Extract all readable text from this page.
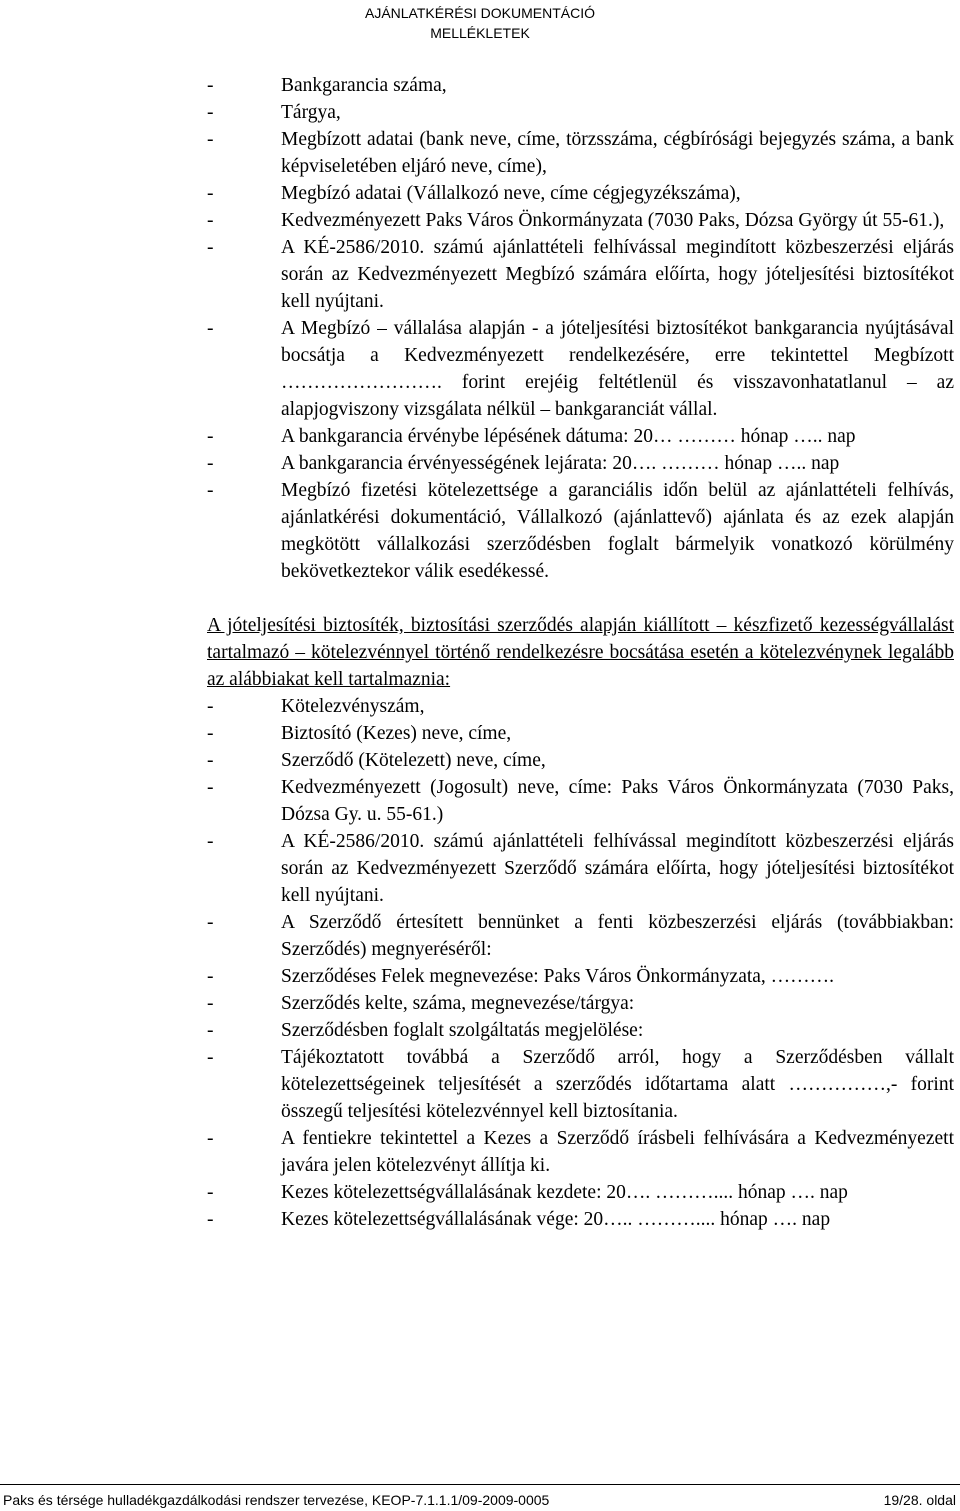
AJÁNLATKÉRÉSI DOKUMENTÁCIÓ
MELLÉKLETEK
-	Bankgarancia száma,
-	Tárgya,
-	Megbízott adatai (bank neve, címe, törzsszáma, cégbírósági bejegyzés száma, a bank képviseletében eljáró neve, címe),
-	Megbízó adatai (Vállalkozó neve, címe cégjegyzékszáma),
-	Kedvezményezett Paks Város Önkormányzata (7030 Paks, Dózsa György út 55-61.),
-	A KÉ-2586/2010. számú ajánlattételi felhívással megindított közbeszerzési eljárás során az Kedvezményezett Megbízó számára előírta, hogy jóteljesítési biztosítékot kell nyújtani.
-	A Megbízó – vállalása alapján - a jóteljesítési biztosítékot bankgarancia nyújtásával bocsátja a Kedvezményezett rendelkezésére, erre tekintettel Megbízott ……………………. forint erejéig feltétlenül és visszavonhatatlanul – az alapjogviszony vizsgálata nélkül – bankgaranciát vállal.
-	A bankgarancia érvénybe lépésének dátuma: 20… ……… hónap ….. nap
-	A bankgarancia érvényességének lejárata: 20…. ……… hónap ….. nap
-	Megbízó fizetési kötelezettsége a garanciális időn belül az ajánlattételi felhívás, ajánlatkérési dokumentáció, Vállalkozó (ajánlattevő) ajánlata és az ezek alapján megkötött vállalkozási szerződésben foglalt bármelyik vonatkozó körülmény bekövetkeztekor válik esedékessé.
A jóteljesítési biztosíték, biztosítási szerződés alapján kiállított – készfizető kezességvállalást tartalmazó – kötelezvénnyel történő rendelkezésre bocsátása esetén a kötelezvénynek legalább az alábbiakat kell tartalmaznia:
-	Kötelezvényszám,
-	Biztosító (Kezes) neve, címe,
-	Szerződő (Kötelezett) neve, címe,
-	Kedvezményezett (Jogosult) neve, címe: Paks Város Önkormányzata (7030 Paks, Dózsa Gy. u. 55-61.)
-	A KÉ-2586/2010. számú ajánlattételi felhívással megindított közbeszerzési eljárás során az Kedvezményezett Szerződő számára előírta, hogy jóteljesítési biztosítékot kell nyújtani.
-	A Szerződő értesített bennünket a fenti közbeszerzési eljárás (továbbiakban: Szerződés) megnyeréséről:
-	Szerződéses Felek megnevezése: Paks Város Önkormányzata, ……….
-	Szerződés kelte, száma, megnevezése/tárgya:
-	Szerződésben foglalt szolgáltatás megjelölése:
-	Tájékoztatott továbbá a Szerződő arról, hogy a Szerződésben vállalt kötelezettségeinek teljesítését a szerződés időtartama alatt ……………,- forint összegű teljesítési kötelezvénnyel kell biztosítania.
-	A fentiekre tekintettel a Kezes a Szerződő írásbeli felhívására a Kedvezményezett javára jelen kötelezvényt állítja ki.
-	Kezes kötelezettségvállalásának kezdete: 20…. ……….... hónap …. nap
-	Kezes kötelezettségvállalásának vége: 20….. ……….... hónap …. nap
Paks és térsége hulladékgazdálkodási rendszer tervezése, KEOP-7.1.1.1/09-2009-0005	19/28. oldal
